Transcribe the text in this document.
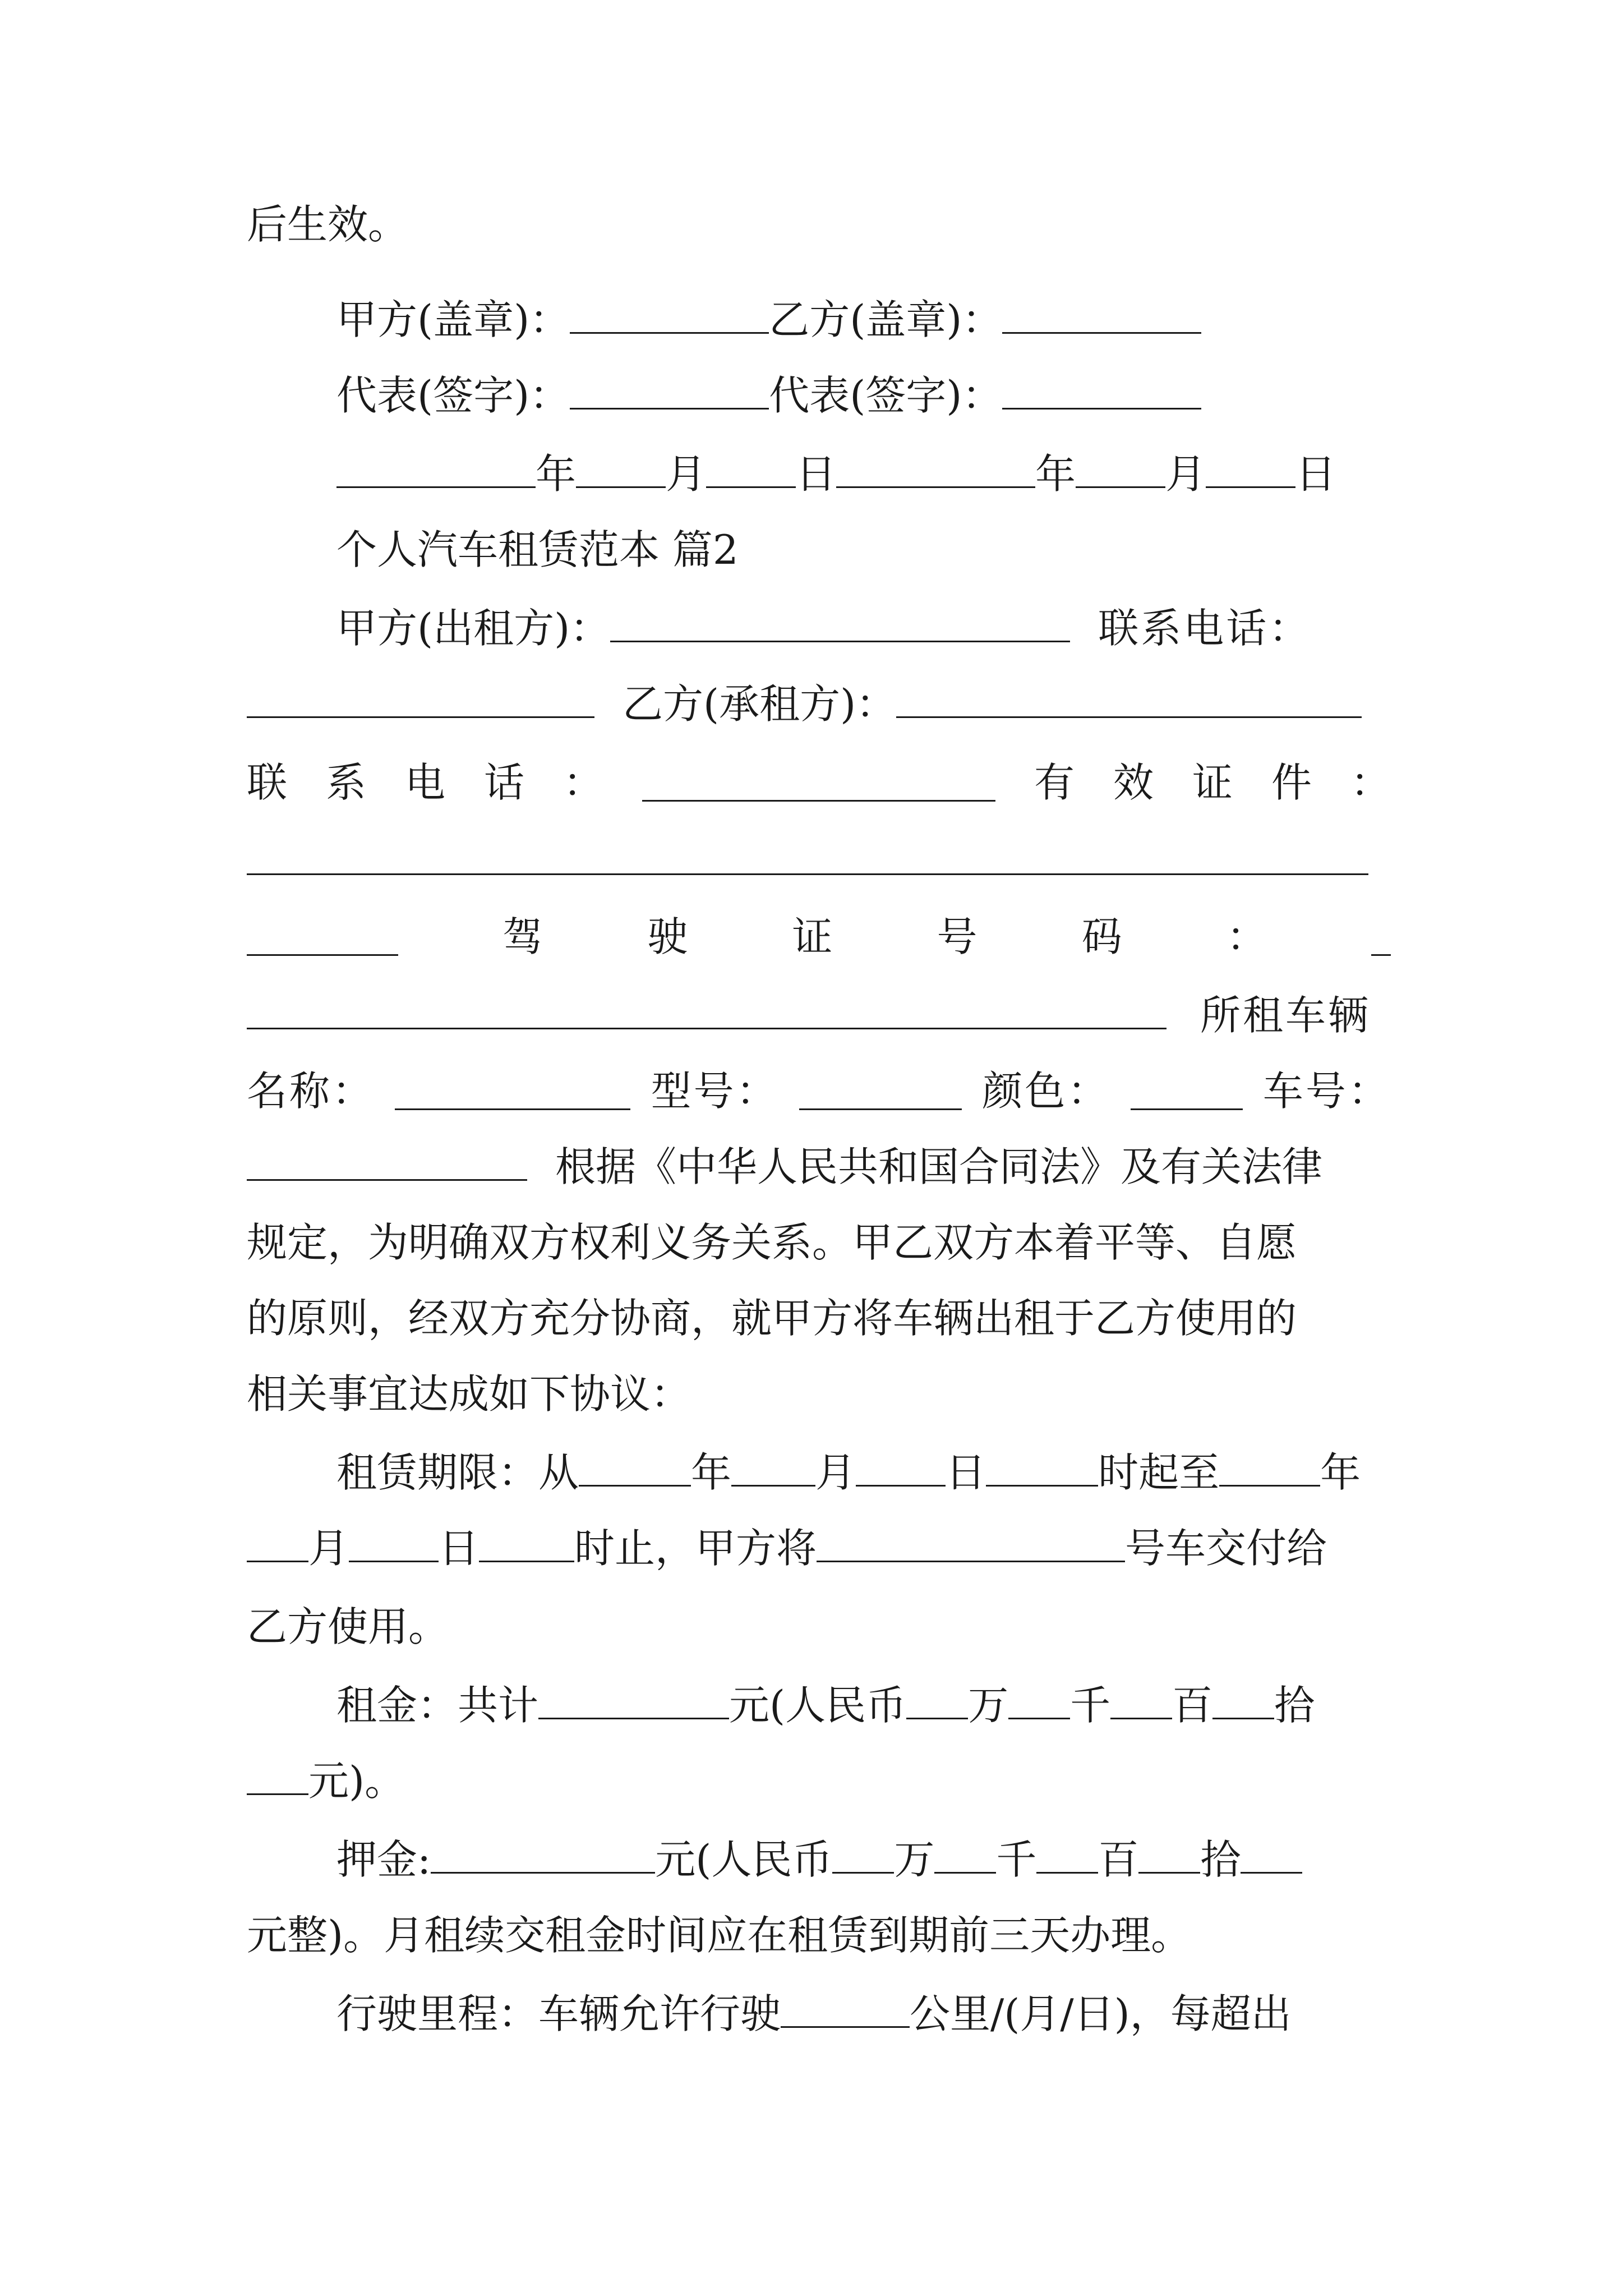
后生效。
甲方(盖章)：	乙方(盖章)：
代表(签字)：	代表(签字)：
年 月 日	年 月 日
个人汽车租赁范本 篇2
甲方(出租方)：	联系电话：
乙方(承租方)：
联 系 电 话 ：	有 效 证 件 ：
驾	驶	证	号	码	：
所租车辆
名称：	型号：	颜色：	车号：
根据《中华人民共和国合同法》及有关法律
规定，为明确双方权利义务关系。甲乙双方本着平等、自愿
的原则，经双方充分协商，就甲方将车辆出租于乙方使用的
相关事宜达成如下协议：
租赁期限：从	年 月 日	时起至	年
月 日 时止，甲方将	号车交付给
乙方使用。
租金：共计	元(人民币 万 千 百 拾
元)。
押金:	元(人民币 万 千 百 拾
元整)。月租续交租金时间应在租赁到期前三天办理。
行驶里程：车辆允许行驶	公里/(月/日)，每超出
